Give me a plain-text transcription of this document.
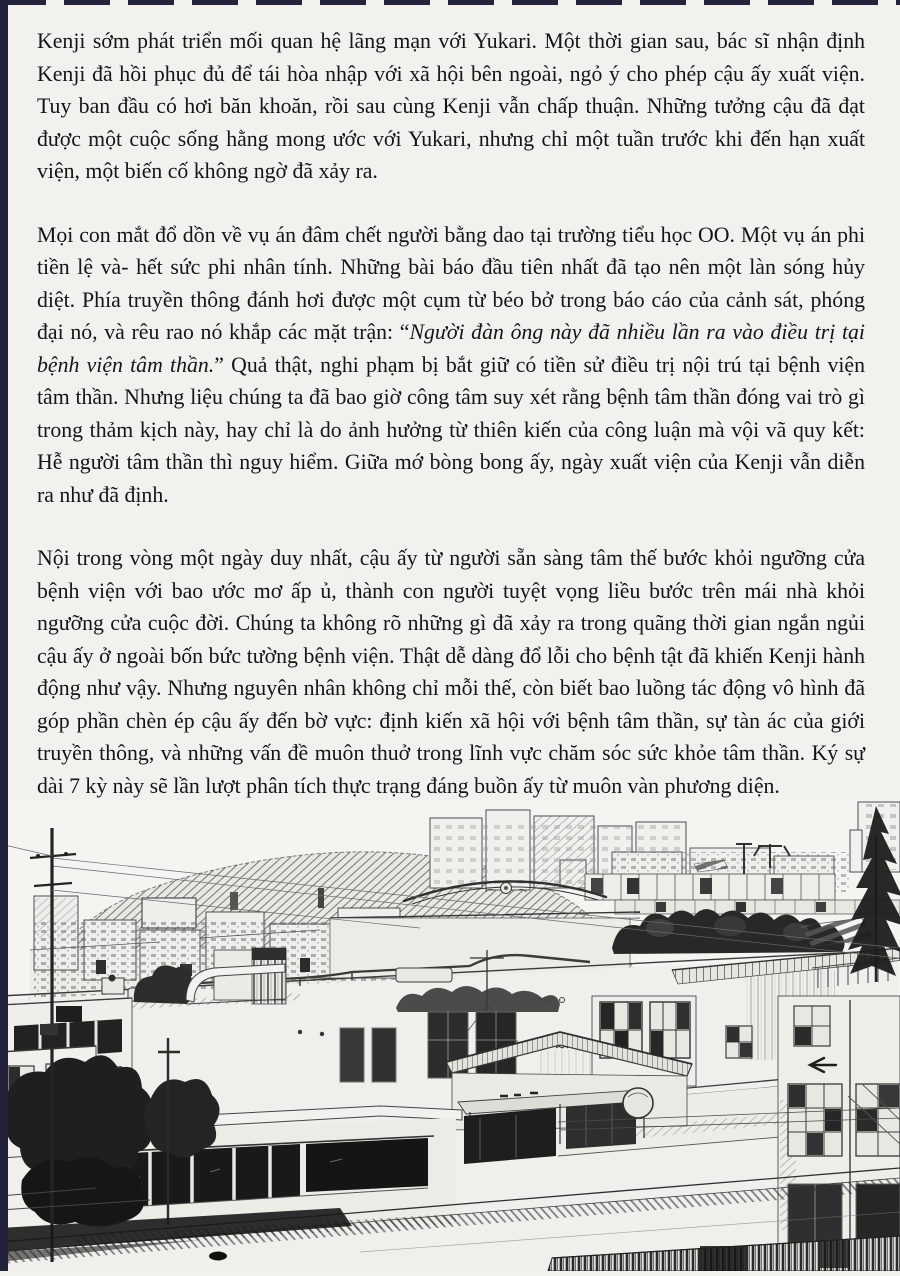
Kenji sớm phát triển mối quan hệ lãng mạn với Yukari. Một thời gian sau, bác sĩ nhận định Kenji đã hồi phục đủ để tái hòa nhập với xã hội bên ngoài, ngỏ ý cho phép cậu ấy xuất viện. Tuy ban đầu có hơi băn khoăn, rồi sau cùng Kenji vẫn chấp thuận. Những tưởng cậu đã đạt được một cuộc sống hằng mong ước với Yukari, nhưng chỉ một tuần trước khi đến hạn xuất viện, một biến cố không ngờ đã xảy ra.

Mọi con mắt đổ dồn về vụ án đâm chết người bằng dao tại trường tiểu học OO. Một vụ án phi tiền lệ và- hết sức phi nhân tính. Những bài báo đầu tiên nhất đã tạo nên một làn sóng hủy diệt. Phía truyền thông đánh hơi được một cụm từ béo bở trong báo cáo của cảnh sát, phóng đại nó, và rêu rao nó khắp các mặt trận: “Người đàn ông này đã nhiều lần ra vào điều trị tại bệnh viện tâm thần.” Quả thật, nghi phạm bị bắt giữ có tiền sử điều trị nội trú tại bệnh viện tâm thần. Nhưng liệu chúng ta đã bao giờ công tâm suy xét rằng bệnh tâm thần đóng vai trò gì trong thảm kịch này, hay chỉ là do ảnh hưởng từ thiên kiến của công luận mà vội vã quy kết: Hễ người tâm thần thì nguy hiểm. Giữa mớ bòng bong ấy, ngày xuất viện của Kenji vẫn diễn ra như đã định.

Nội trong vòng một ngày duy nhất, cậu ấy từ người sẵn sàng tâm thế bước khỏi ngưỡng cửa bệnh viện với bao ước mơ ấp ủ, thành con người tuyệt vọng liều bước trên mái nhà khỏi ngưỡng cửa cuộc đời. Chúng ta không rõ những gì đã xảy ra trong quãng thời gian ngắn ngủi cậu ấy ở ngoài bốn bức tường bệnh viện. Thật dễ dàng đổ lỗi cho bệnh tật đã khiến Kenji hành động như vậy. Nhưng nguyên nhân không chỉ mỗi thế, còn biết bao luồng tác động vô hình đã góp phần chèn ép cậu ấy đến bờ vực: định kiến xã hội với bệnh tâm thần, sự tàn ác của giới truyền thông, và những vấn đề muôn thuở trong lĩnh vực chăm sóc sức khỏe tâm thần. Ký sự dài 7 kỳ này sẽ lần lượt phân tích thực trạng đáng buồn ấy từ muôn vàn phương diện.
